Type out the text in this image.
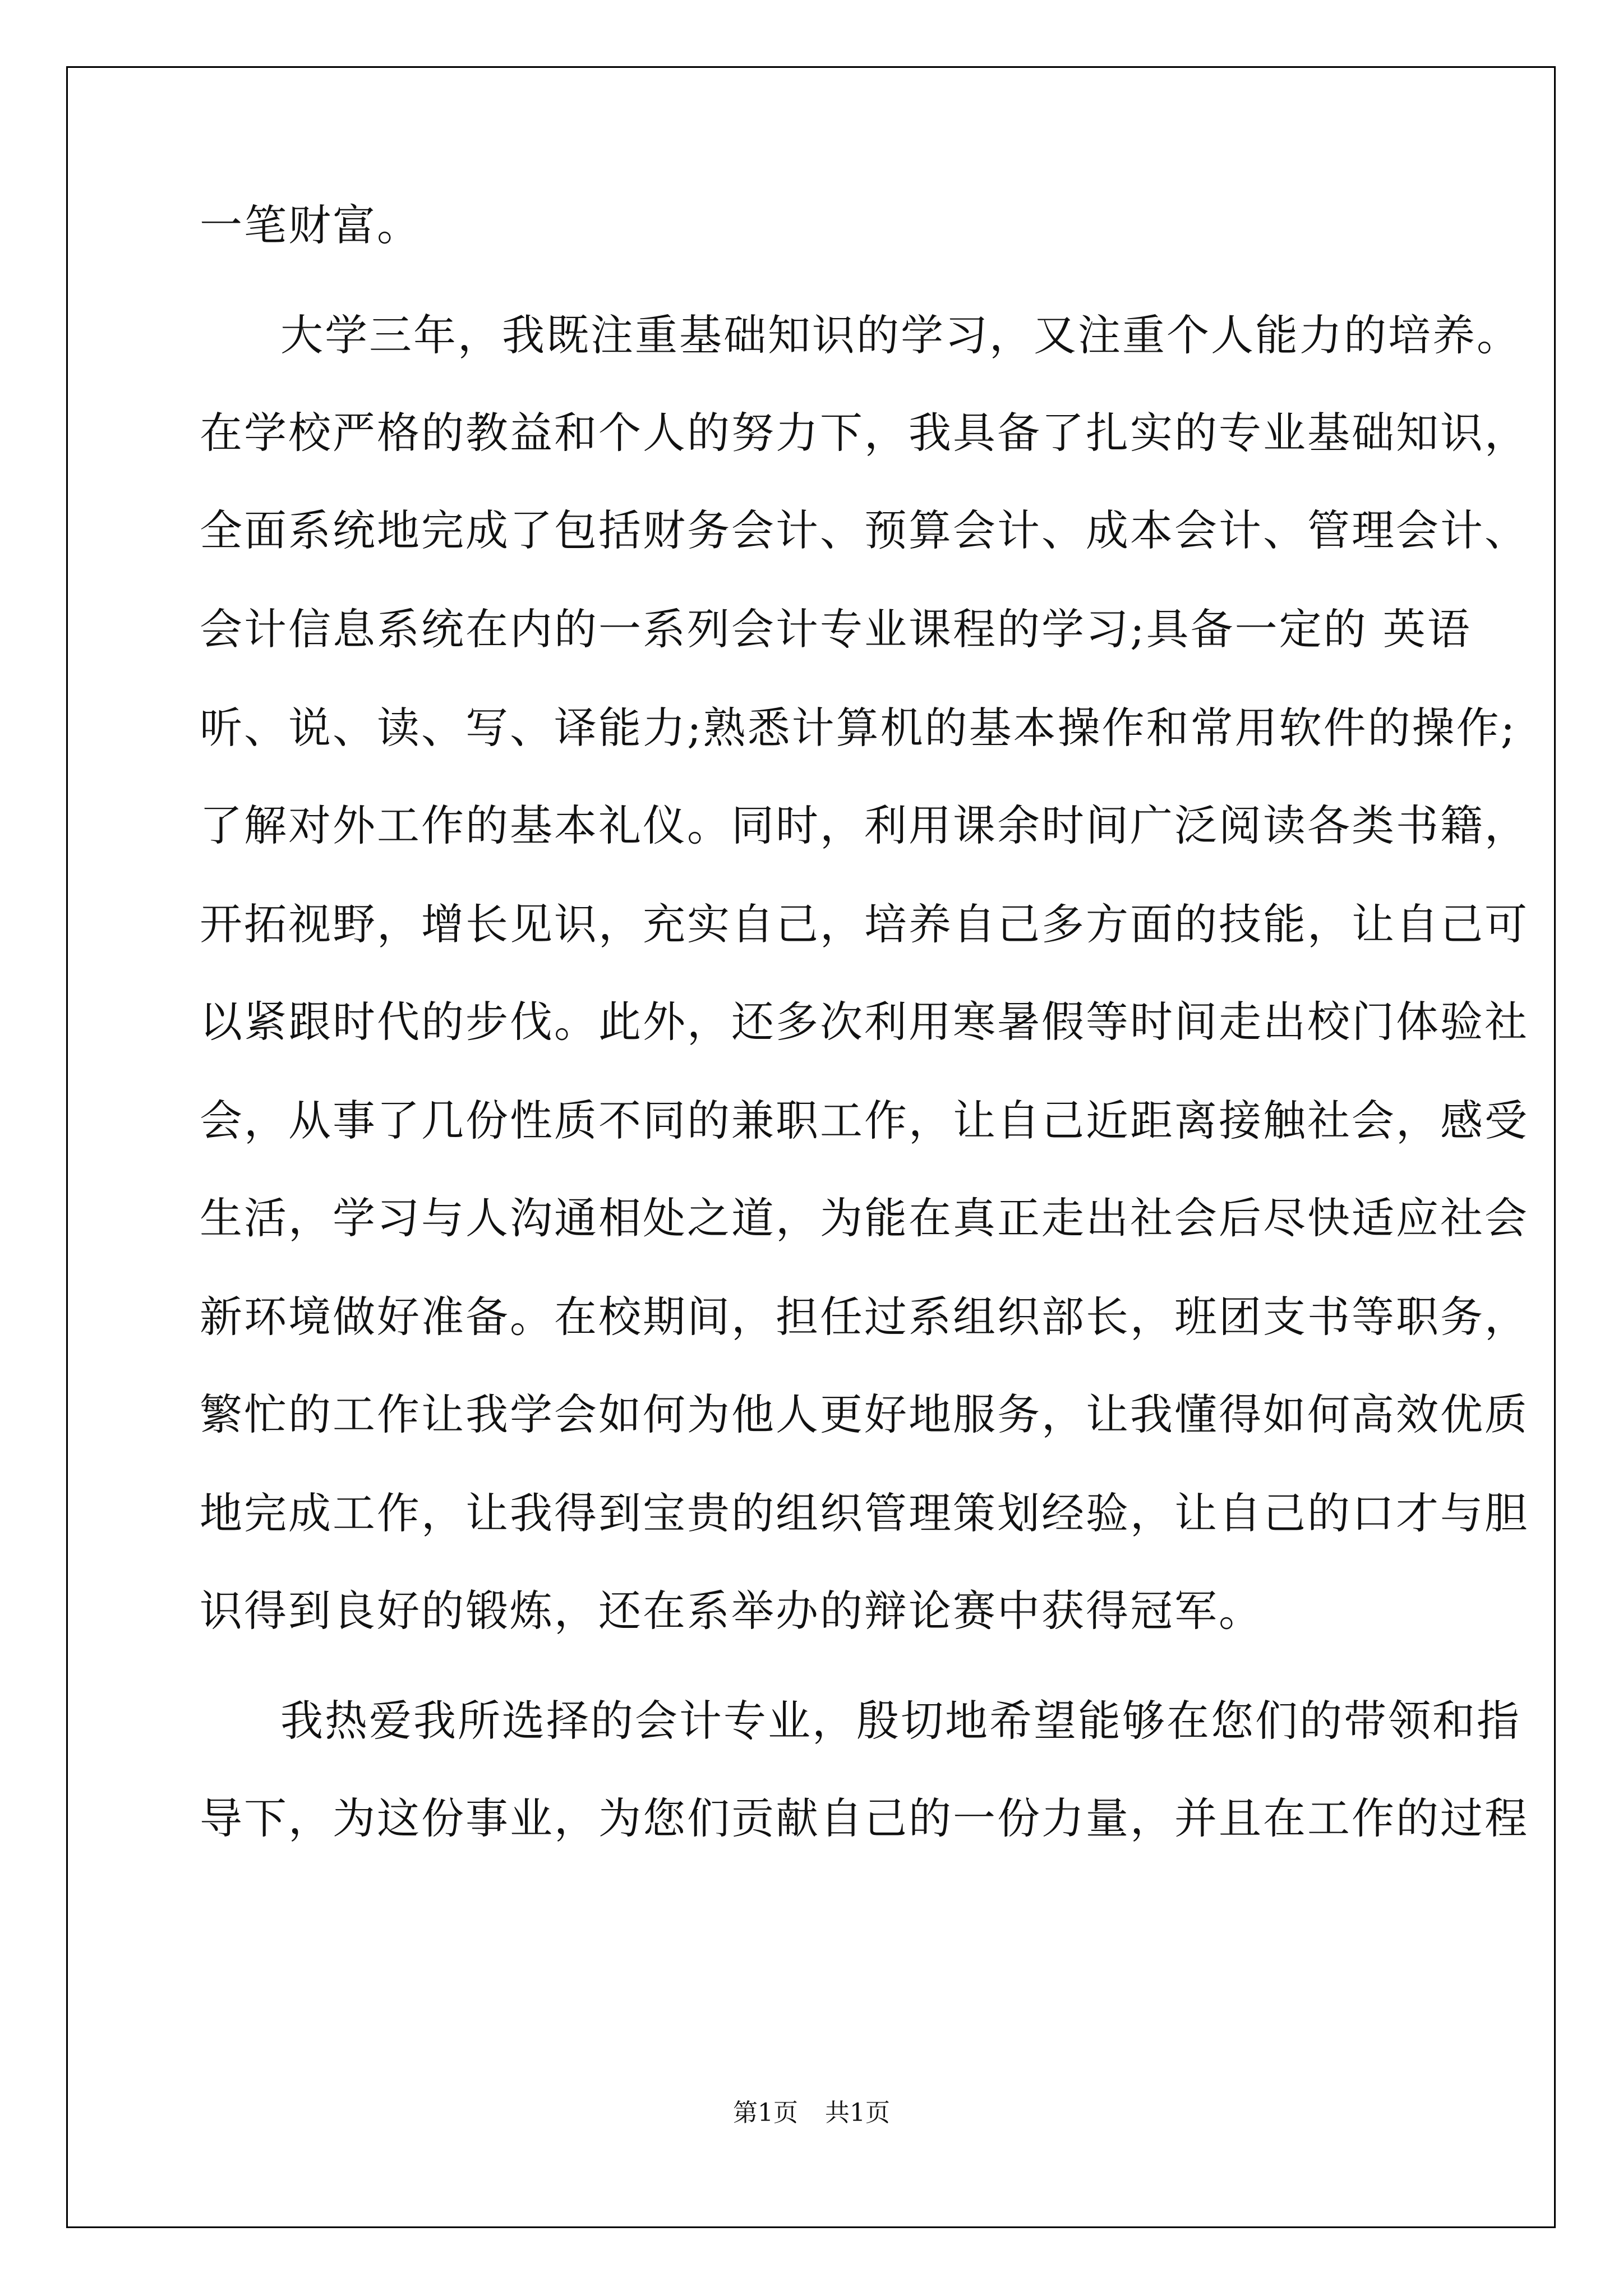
一笔财富。
大学三年，我既注重基础知识的学习，又注重个人能力的培养。
在学校严格的教益和个人的努力下，我具备了扎实的专业基础知识，
全面系统地完成了包括财务会计、预算会计、成本会计、管理会计、
会计信息系统在内的一系列会计专业课程的学习;具备一定的 英语
听、说、读、写、译能力;熟悉计算机的基本操作和常用软件的操作;
了解对外工作的基本礼仪。同时，利用课余时间广泛阅读各类书籍，
开拓视野，增长见识，充实自己，培养自己多方面的技能，让自己可
以紧跟时代的步伐。此外，还多次利用寒暑假等时间走出校门体验社
会，从事了几份性质不同的兼职工作，让自己近距离接触社会，感受
生活，学习与人沟通相处之道，为能在真正走出社会后尽快适应社会
新环境做好准备。在校期间，担任过系组织部长，班团支书等职务，
繁忙的工作让我学会如何为他人更好地服务，让我懂得如何高效优质
地完成工作，让我得到宝贵的组织管理策划经验，让自己的口才与胆
识得到良好的锻炼，还在系举办的辩论赛中获得冠军。
我热爱我所选择的会计专业，殷切地希望能够在您们的带领和指
导下，为这份事业，为您们贡献自己的一份力量，并且在工作的过程
第1页 共1页
